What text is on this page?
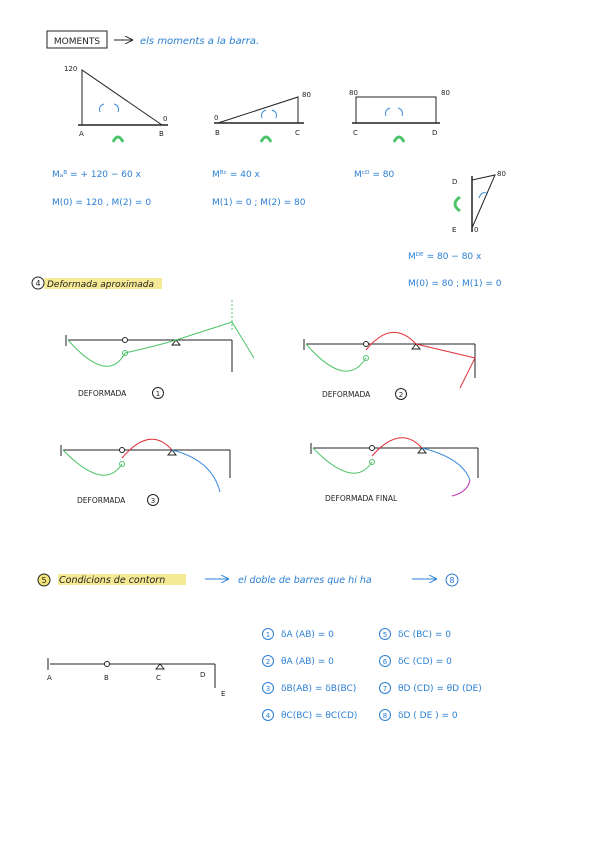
MOMENTS	els moments a la barra.
120
0
A	B
0
80
B	C
80	80
C	D
D
E
80
0
Mₐᴮ = + 120 − 60 x
M(0) = 120 , M(2) = 0
Mᴮᶜ = 40 x
M(1) = 0 ; M(2) = 80
Mᶜᴰ = 80
Mᴰᴱ = 80 − 80 x
M(0) = 80 ; M(1) = 0
4 Deformada aproximada
DEFORMADA	1	DEFORMADA	2
DEFORMADA	3	DEFORMADA FINAL
5 Condicions de contorn	el doble de barres que hi ha	8
A	B	C	D
E
1 δA (AB) = 0
2 θA (AB) = 0
3 δB(AB) = δB(BC)
4 θC(BC) = θC(CD)
5 δC (BC) = 0
6 δC (CD) = 0
7 θD (CD) = θD (DE)
8 δD ( DE ) = 0
